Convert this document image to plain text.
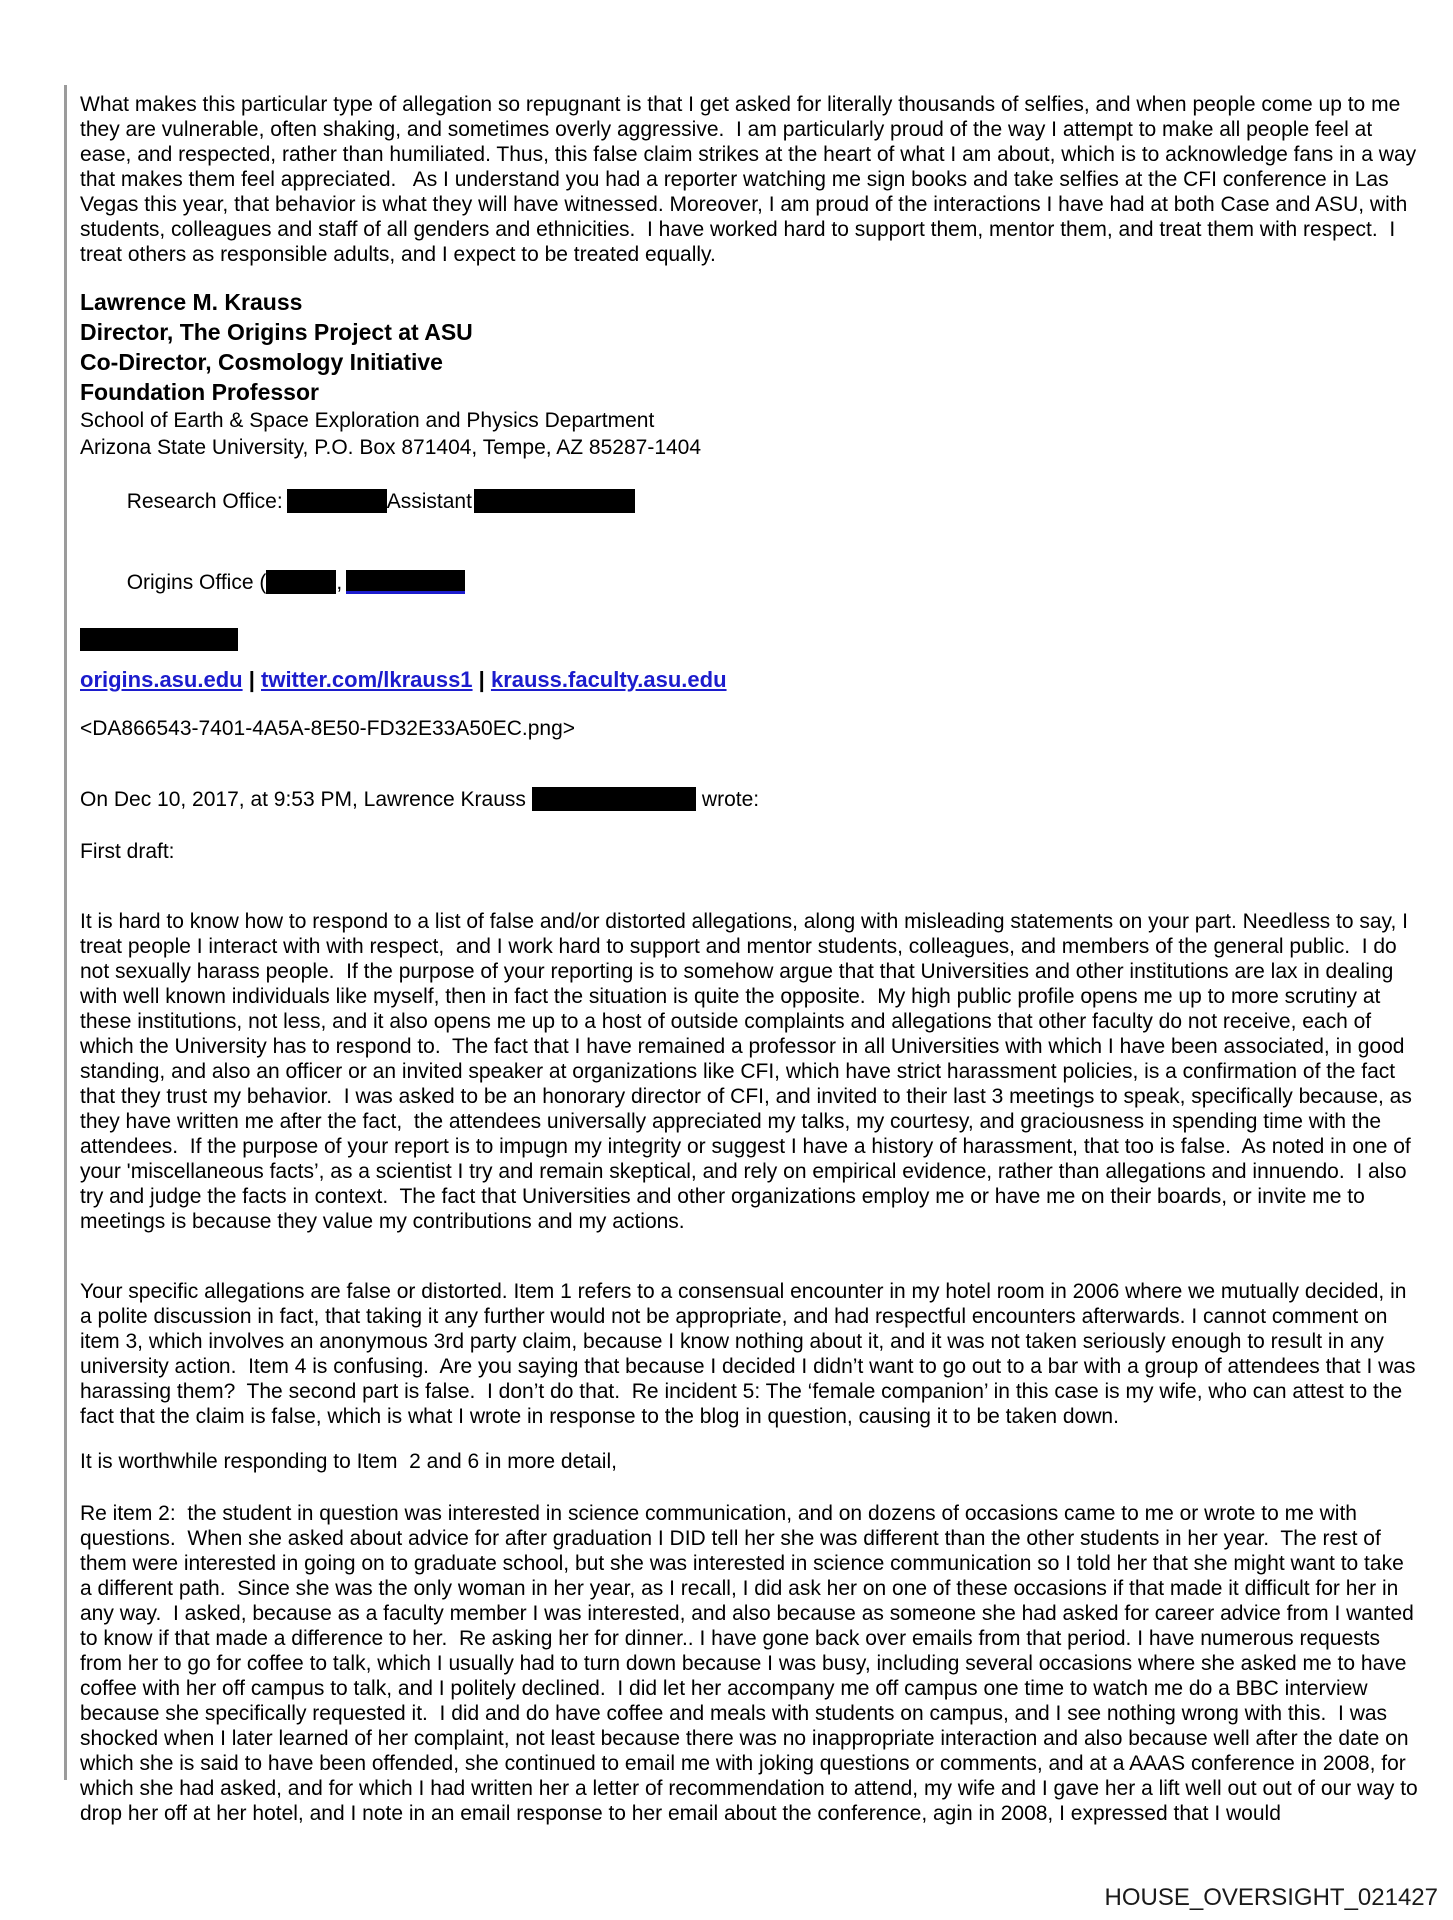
What makes this particular type of allegation so repugnant is that I get asked for literally thousands of selfies, and when people come up to me they are vulnerable, often shaking, and sometimes overly aggressive.  I am particularly proud of the way I attempt to make all people feel at ease, and respected, rather than humiliated. Thus, this false claim strikes at the heart of what I am about, which is to acknowledge fans in a way that makes them feel appreciated.   As I understand you had a reporter watching me sign books and take selfies at the CFI conference in Las Vegas this year, that behavior is what they will have witnessed. Moreover, I am proud of the interactions I have had at both Case and ASU, with students, colleagues and staff of all genders and ethnicities.  I have worked hard to support them, mentor them, and treat them with respect.  I treat others as responsible adults, and I expect to be treated equally.

Lawrence M. Krauss
Director, The Origins Project at ASU
Co-Director, Cosmology Initiative
Foundation Professor
School of Earth & Space Exploration and Physics Department
Arizona State University, P.O. Box 871404, Tempe, AZ 85287-1404

Research Office:	Assistant

Origins Office (	,

origins.asu.edu | twitter.com/lkrauss1 | krauss.faculty.asu.edu
<DA866543-7401-4A5A-8E50-FD32E33A50EC.png>
On Dec 10, 2017, at 9:53 PM, Lawrence Krauss	wrote:

First draft:

It is hard to know how to respond to a list of false and/or distorted allegations, along with misleading statements on your part. Needless to say, I treat people I interact with with respect,  and I work hard to support and mentor students, colleagues, and members of the general public.  I do not sexually harass people.  If the purpose of your reporting is to somehow argue that that Universities and other institutions are lax in dealing with well known individuals like myself, then in fact the situation is quite the opposite.  My high public profile opens me up to more scrutiny at these institutions, not less, and it also opens me up to a host of outside complaints and allegations that other faculty do not receive, each of which the University has to respond to.  The fact that I have remained a professor in all Universities with which I have been associated, in good standing, and also an officer or an invited speaker at organizations like CFI, which have strict harassment policies, is a confirmation of the fact that they trust my behavior.  I was asked to be an honorary director of CFI, and invited to their last 3 meetings to speak, specifically because, as they have written me after the fact,  the attendees universally appreciated my talks, my courtesy, and graciousness in spending time with the attendees.  If the purpose of your report is to impugn my integrity or suggest I have a history of harassment, that too is false.  As noted in one of your 'miscellaneous facts’, as a scientist I try and remain skeptical, and rely on empirical evidence, rather than allegations and innuendo.  I also try and judge the facts in context.  The fact that Universities and other organizations employ me or have me on their boards, or invite me to meetings is because they value my contributions and my actions.

Your specific allegations are false or distorted. Item 1 refers to a consensual encounter in my hotel room in 2006 where we mutually decided, in a polite discussion in fact, that taking it any further would not be appropriate, and had respectful encounters afterwards. I cannot comment on item 3, which involves an anonymous 3rd party claim, because I know nothing about it, and it was not taken seriously enough to result in any university action.  Item 4 is confusing.  Are you saying that because I decided I didn’t want to go out to a bar with a group of attendees that I was harassing them?  The second part is false.  I don’t do that.  Re incident 5: The ‘female companion’ in this case is my wife, who can attest to the fact that the claim is false, which is what I wrote in response to the blog in question, causing it to be taken down.

It is worthwhile responding to Item  2 and 6 in more detail,

Re item 2:  the student in question was interested in science communication, and on dozens of occasions came to me or wrote to me with questions.  When she asked about advice for after graduation I DID tell her she was different than the other students in her year.  The rest of them were interested in going on to graduate school, but she was interested in science communication so I told her that she might want to take a different path.  Since she was the only woman in her year, as I recall, I did ask her on one of these occasions if that made it difficult for her in any way.  I asked, because as a faculty member I was interested, and also because as someone she had asked for career advice from I wanted to know if that made a difference to her.  Re asking her for dinner.. I have gone back over emails from that period. I have numerous requests from her to go for coffee to talk, which I usually had to turn down because I was busy, including several occasions where she asked me to have coffee with her off campus to talk, and I politely declined.  I did let her accompany me off campus one time to watch me do a BBC interview because she specifically requested it.  I did and do have coffee and meals with students on campus, and I see nothing wrong with this.  I was shocked when I later learned of her complaint, not least because there was no inappropriate interaction and also because well after the date on which she is said to have been offended, she continued to email me with joking questions or comments, and at a AAAS conference in 2008, for which she had asked, and for which I had written her a letter of recommendation to attend, my wife and I gave her a lift well out out of our way to drop her off at her hotel, and I note in an email response to her email about the conference, agin in 2008, I expressed that I would

HOUSE_OVERSIGHT_021427
